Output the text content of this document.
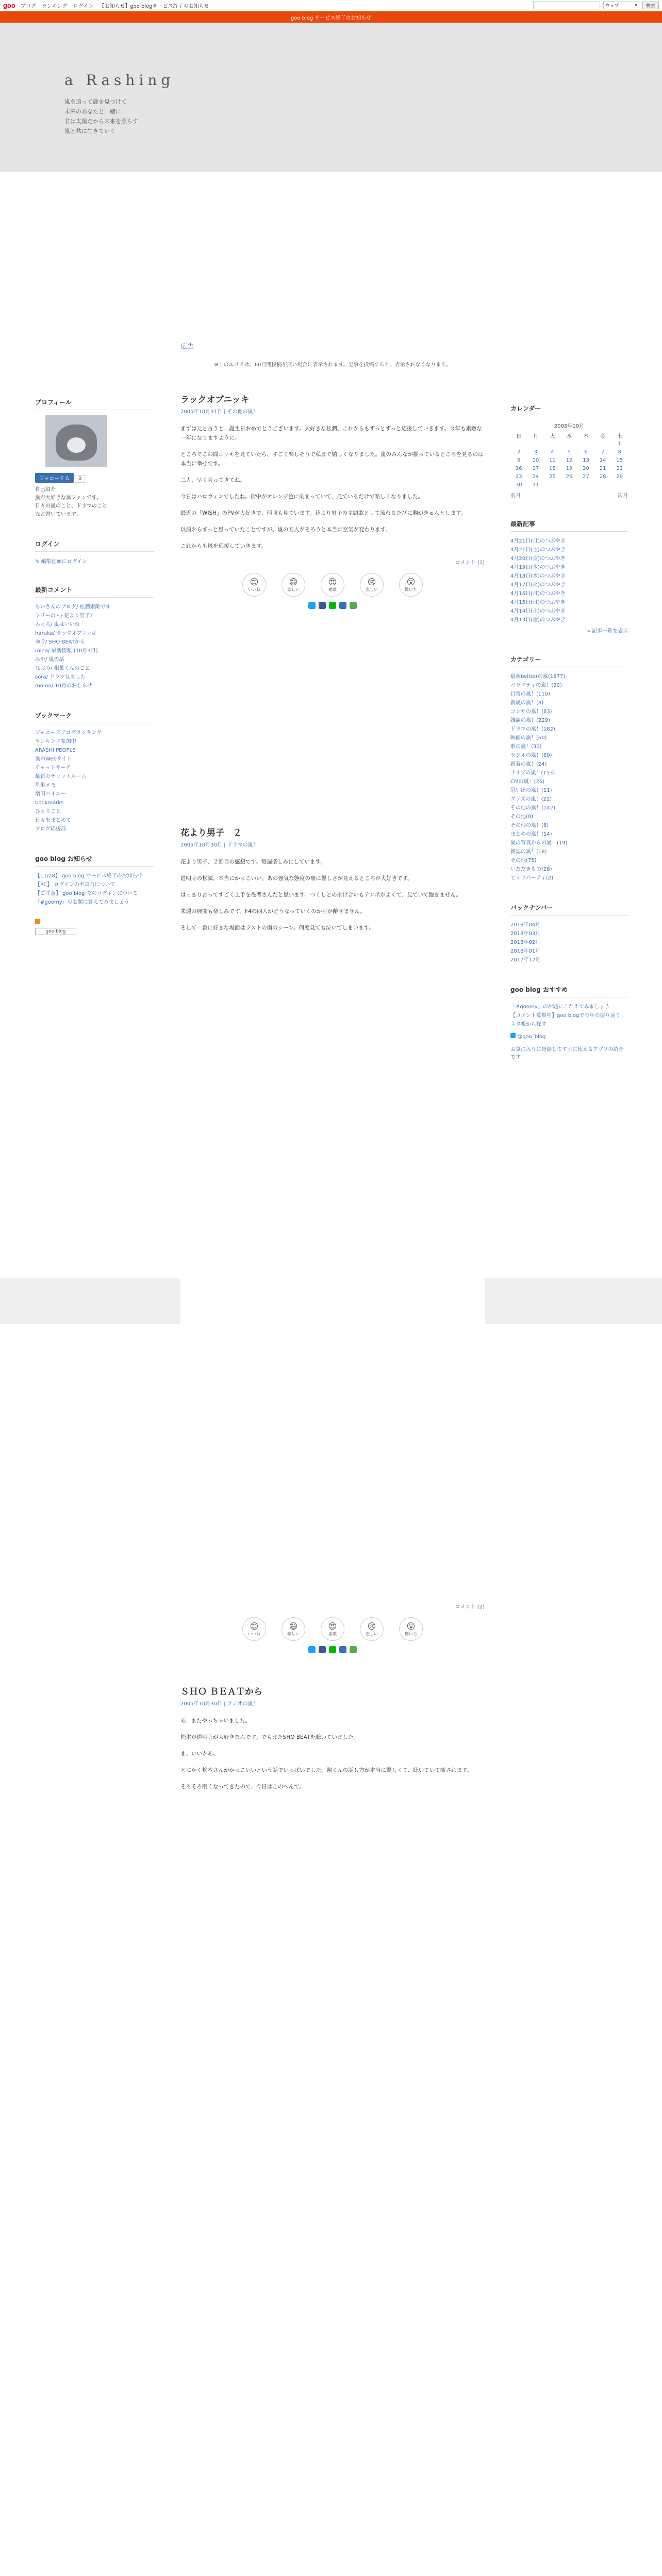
goo ブログ ランキング ログイン 【お知らせ】goo blogサービス終了のお知らせ	ウェブ	▾	検索
goo blog サービス終了のお知らせ
a Rashing
嵐を追って鹿を見つけて
未来のあなたと一緒に
君は太陽だから未来を照らす
嵐と共に生きていく
プロフィール
フォローする 0
自己紹介
嵐が大好きな嵐ファンです。
日々の嵐のこと、ドラマのこと
など書いています。
ログイン
✎ 編集画面にログイン
最新コメント
ちいさんのブログ/ 松潤素敵です
フリーの人/ 花より男子2
みっち/ 嵐はいいね
haruka/ ラックオブニッキ
ゆう/ SHO BEATから
mina/ 最新情報 (10月3日)
みや/ 嵐の話
なおみ/ 相葉くんのこと
sora/ ドラマ見ました
momo/ 10月のおしらせ
ブックマーク
ジャニーズブログランキング
ランキング参加中
ARASHI PEOPLE
嵐のWebサイト
チャットサーチ
最新のチャットルーム
星術メモ
増田ハイエー
bookmarks
ひとりごと
日々をまとめて
ブログ応援部
goo blog お知らせ
【11/28】 goo blog サービス終了のお知らせ
【PC】 ログインの不具合について
【ご注意】 goo blog でのログインについて
「#goomy」のお題に答えてみましょう
goo blog
広告
※このエリアは、60日間投稿が無い場合に表示されます。記事を投稿すると、表示されなくなります。
ラックオブニッキ
2005年10月31日 | その他の嵐！

まずは元と言うと、誕生日おめでとうございます。大好きな松潤、これからもずっとずっと応援していきます。今年も素敵な一年になりますように。

ところでこの間ニッキを見ていたら、すごく楽しそうで私まで嬉しくなりました。嵐のみんなが揃っているところを見るのは本当に幸せです。

二人、早く会ってきてね。

今日はハロウィンでしたね。街中がオレンジ色に染まっていて、見ているだけで楽しくなりました。

最近の「WISH」のPVが大好きで、何回も見ています。花より男子の主題歌として流れるたびに胸がきゅんとします。

以前からずっと思っていたことですが、嵐の五人がそろうと本当に空気が変わります。

これからも嵐を応援していきます。

コメント (1)
😊
いいね
😄
楽しい
😍
素敵
😢
悲しい
😮
驚いた
花より男子　２
2005年10月30日 | ドラマの嵐！

花より男子、２回目の感想です。毎週楽しみにしています。

道明寺の松潤、本当にかっこいい。あの強気な態度の裏に優しさが見えるところが大好きです。

はっきり言ってすごく上手を役者さんだと思います。つくしとの掛け合いもテンポがよくて、見ていて飽きません。

来週の展開も楽しみです。F4の四人がどうなっていくのか目が離せません。

そして一番に好きな場面はラストの雨のシーン。何度見ても泣いてしまいます。

コメント (2)
😊
いいね
😄
楽しい
😍
素敵
😢
悲しい
😮
驚いた
ＳＨＯ ＢＥＡＴから
2005年10月30日 | ラジオの嵐！

あ、またやっちゃいました。

松本が道明寺が大好きなんです。でもまたSHO BEATを聴いていました。

ま、いいかあ。

とにかく松本さんがかっこいいという話でいっぱいでした。翔くんの話し方が本当に優しくて、聴いていて癒されます。

そろそろ眠くなってきたので、今日はこのへんで。

カレンダー
2005年10月
日	月	火	水	木	金	土
						1
2	3	4	5	6	7	8
9	10	11	12	13	14	15
16	17	18	19	20	21	22
23	24	25	26	27	28	29
30	31					
前月	次月
最新記事
4月21日(日)のつぶやき
4月21日(土)のつぶやき
4月20日(金)のつぶやき
4月19日(木)のつぶやき
4月18日(水)のつぶやき
4月17日(火)のつぶやき
4月16日(月)のつぶやき
4月15日(日)のつぶやき
4月14日(土)のつぶやき
4月13日(金)のつぶやき
» 記事一覧を表示
カテゴリー
最新twitterの嵐(1877)
バラエティの嵐！(90)
日常の嵐！(110)
新嵐の嵐！(8)
コンサの嵐！(83)
雑誌の嵐！(229)
ドラマの嵐！(182)
映画の嵐！(60)
歌の嵐！(30)
ラジオの嵐！(69)
新着の嵐！(24)
ライブの嵐！(153)
CMの嵐！(26)
思い出の嵐！(11)
グッズの嵐！(21)
その他の嵐！(142)
その他(0)
その他の嵐！(8)
まとめの嵐！(14)
嵐の写真からの嵐！(19)
雑誌の嵐！(18)
その他(75)
いただきもの(28)
ヒミツパーティ(2)
バックナンバー
2018年04月
2018年03月
2018年02月
2018年01月
2017年12月
goo blog おすすめ
「#goomy」のお題にこたえてみましょう
【コメント募集中】goo blogで今年の振り返り
ネタ帳から探す
@goo_blog
お気に入りに登録してすぐに使えるアプリの紹介です
